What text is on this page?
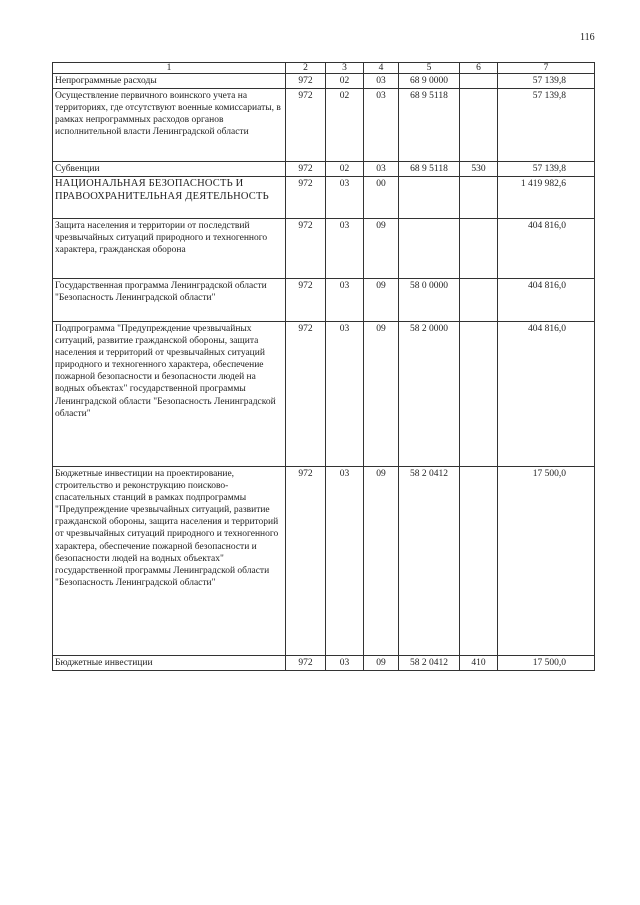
116
1	2	3	4	5	6	7
Непрограммные расходы	972	02	03	68 9 0000		57 139,8
Осуществление первичного воинского учета на территориях, где отсутствуют военные комиссариаты, в рамках непрограммных расходов органов исполнительной власти Ленинградской области	972	02	03	68 9 5118		57 139,8
Субвенции	972	02	03	68 9 5118	530	57 139,8
НАЦИОНАЛЬНАЯ БЕЗОПАСНОСТЬ И ПРАВООХРАНИТЕЛЬНАЯ ДЕЯТЕЛЬНОСТЬ	972	03	00			1 419 982,6
Защита населения и территории от последствий чрезвычайных ситуаций природного и техногенного характера, гражданская оборона	972	03	09			404 816,0
Государственная программа Ленинградской области "Безопасность Ленинградской области"	972	03	09	58 0 0000		404 816,0
Подпрограмма "Предупреждение чрезвычайных ситуаций, развитие гражданской обороны, защита населения и территорий от чрезвычайных ситуаций природного и техногенного характера, обеспечение пожарной безопасности и безопасности людей на водных объектах" государственной программы Ленинградской области "Безопасность Ленинградской области"	972	03	09	58 2 0000		404 816,0
Бюджетные инвестиции на проектирование, строительство и реконструкцию поисково-спасательных станций в рамках подпрограммы "Предупреждение чрезвычайных ситуаций, развитие гражданской обороны, защита населения и территорий от чрезвычайных ситуаций природного и техногенного характера, обеспечение пожарной безопасности и безопасности людей на водных объектах" государственной программы Ленинградской области "Безопасность Ленинградской области"	972	03	09	58 2 0412		17 500,0
Бюджетные инвестиции	972	03	09	58 2 0412	410	17 500,0
